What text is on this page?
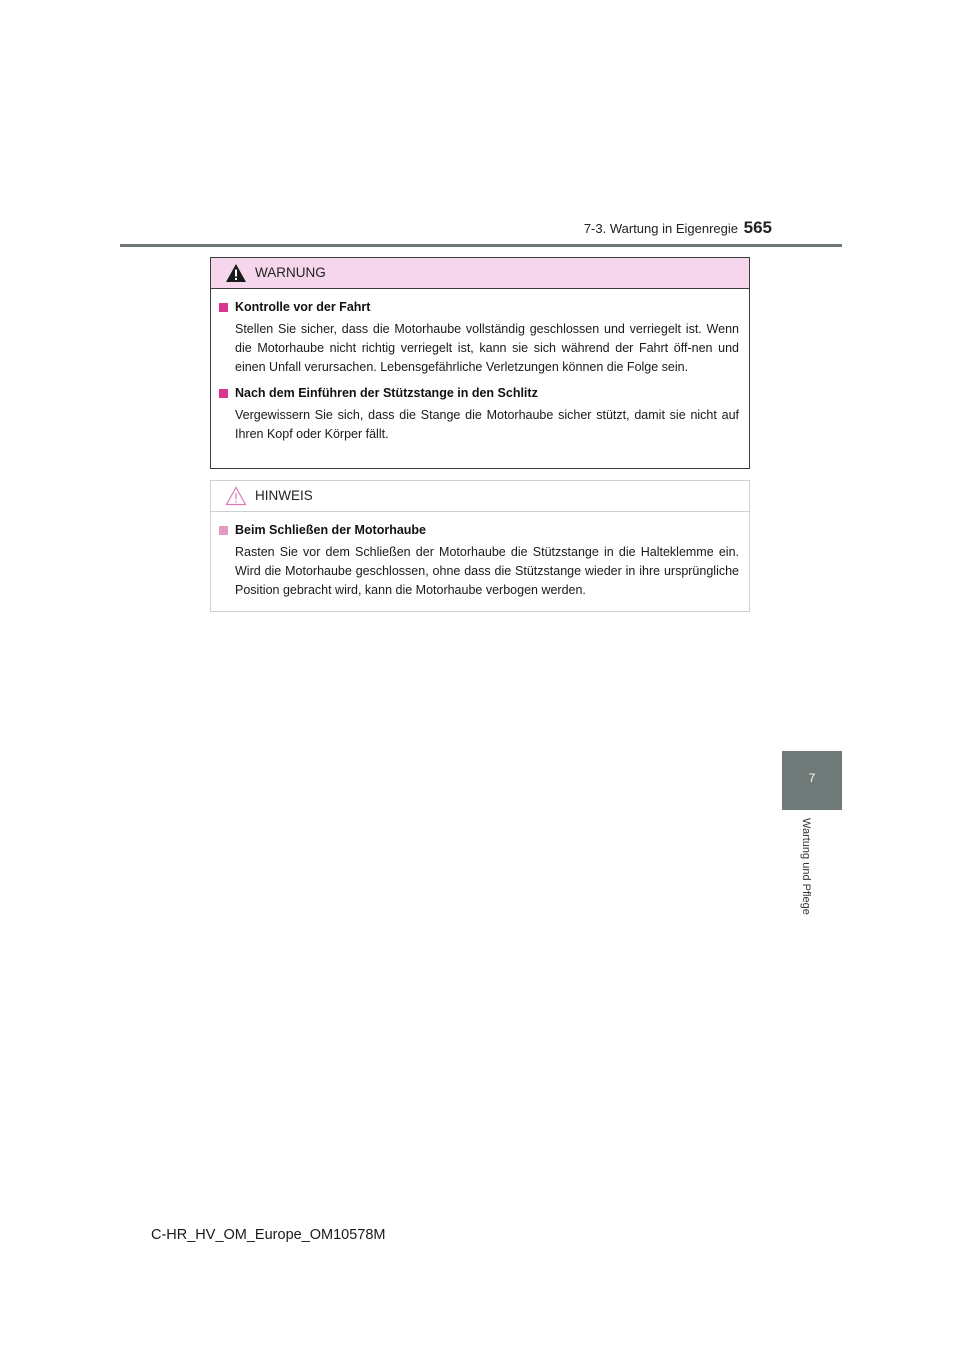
7-3. Wartung in Eigenregie 565
7
Wartung und Pflege
WARNUNG
Kontrolle vor der Fahrt

Stellen Sie sicher, dass die Motorhaube vollständig geschlossen und verriegelt ist. Wenn die Motorhaube nicht richtig verriegelt ist, kann sie sich während der Fahrt öff-nen und einen Unfall verursachen. Lebensgefährliche Verletzungen können die Folge sein.

Nach dem Einführen der Stützstange in den Schlitz

Vergewissern Sie sich, dass die Stange die Motorhaube sicher stützt, damit sie nicht auf Ihren Kopf oder Körper fällt.

HINWEIS
Beim Schließen der Motorhaube

Rasten Sie vor dem Schließen der Motorhaube die Stützstange in die Halteklemme ein. Wird die Motorhaube geschlossen, ohne dass die Stützstange wieder in ihre ursprüngliche Position gebracht wird, kann die Motorhaube verbogen werden.

C-HR_HV_OM_Europe_OM10578M
